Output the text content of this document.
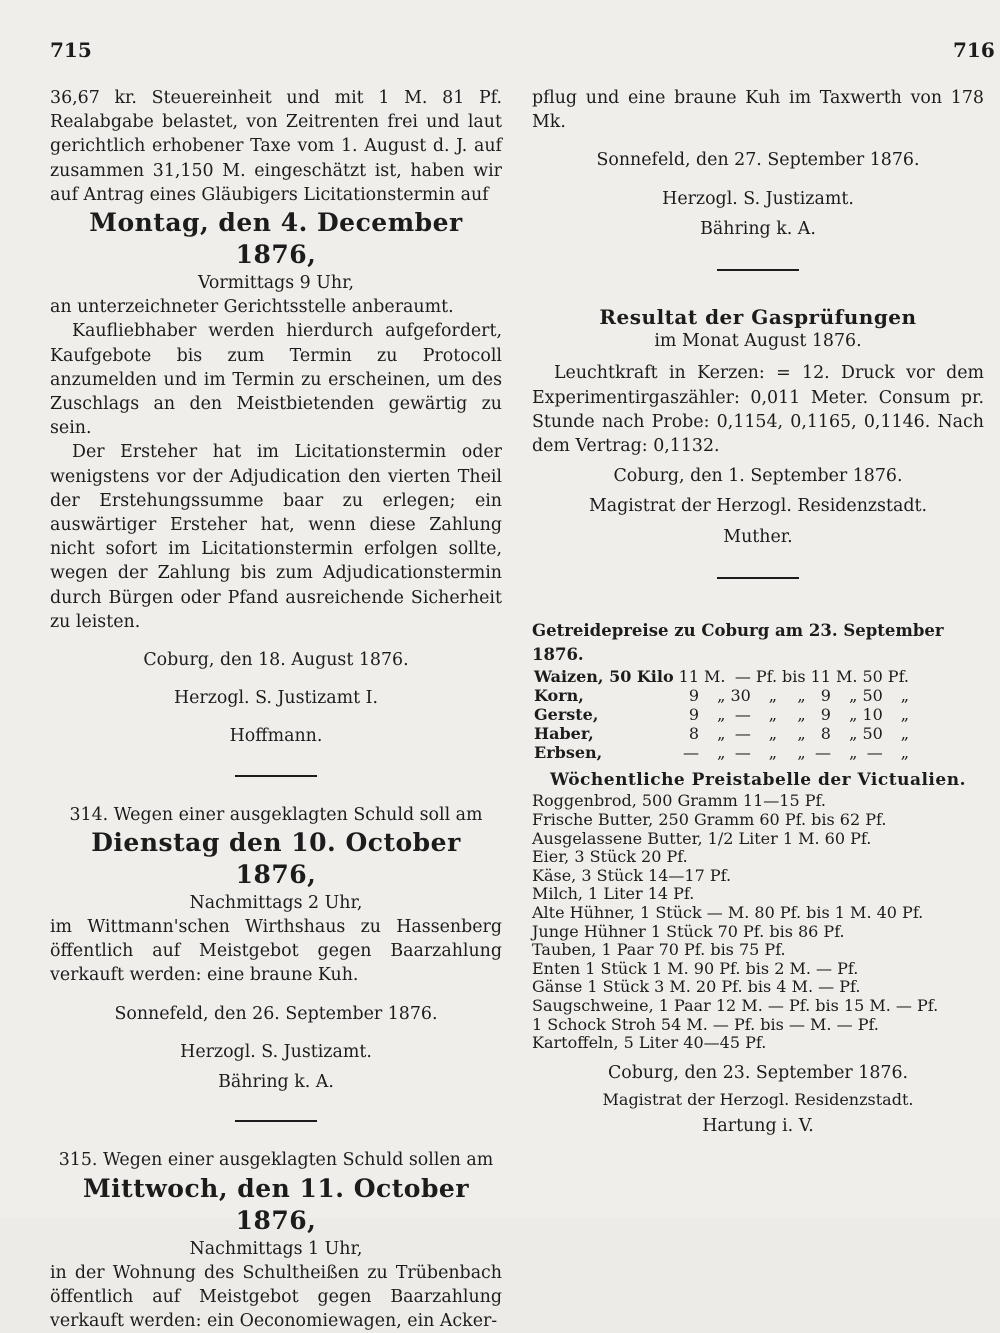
715	716
36,67 kr. Steuereinheit und mit 1 M. 81 Pf. Realabgabe belastet, von Zeitrenten frei und laut gerichtlich erhobener Taxe vom 1. August d. J. auf zusammen 31,150 M. eingeschätzt ist, haben wir auf Antrag eines Gläubigers Licitationstermin auf
Montag, den 4. December 1876,
Vormittags 9 Uhr,
an unterzeichneter Gerichtsstelle anberaumt.
Kaufliebhaber werden hierdurch aufgefordert, Kaufgebote bis zum Termin zu Protocoll anzumelden und im Termin zu erscheinen, um des Zuschlags an den Meistbietenden gewärtig zu sein.
Der Ersteher hat im Licitationstermin oder wenigstens vor der Adjudication den vierten Theil der Erstehungssumme baar zu erlegen; ein auswärtiger Ersteher hat, wenn diese Zahlung nicht sofort im Licitationstermin erfolgen sollte, wegen der Zahlung bis zum Adjudicationstermin durch Bürgen oder Pfand ausreichende Sicherheit zu leisten.
Coburg, den 18. August 1876.
Herzogl. S. Justizamt I.
Hoffmann.
314. Wegen einer ausgeklagten Schuld soll am
Dienstag den 10. October 1876,
Nachmittags 2 Uhr,
im Wittmann'schen Wirthshaus zu Hassenberg öffentlich auf Meistgebot gegen Baarzahlung verkauft werden: eine braune Kuh.
Sonnefeld, den 26. September 1876.
Herzogl. S. Justizamt.
Bähring k. A.
315. Wegen einer ausgeklagten Schuld sollen am
Mittwoch, den 11. October 1876,
Nachmittags 1 Uhr,
in der Wohnung des Schultheißen zu Trübenbach öffentlich auf Meistgebot gegen Baarzahlung verkauft werden: ein Oeconomiewagen, ein Acker-
pflug und eine braune Kuh im Taxwerth von 178 Mk.
Sonnefeld, den 27. September 1876.
Herzogl. S. Justizamt.
Bähring k. A.
Resultat der Gasprüfungen
im Monat August 1876.
Leuchtkraft in Kerzen: = 12. Druck vor dem Experimentirgaszähler: 0,011 Meter. Consum pr. Stunde nach Probe: 0,1154, 0,1165, 0,1146. Nach dem Vertrag: 0,1132.
Coburg, den 1. September 1876.
Magistrat der Herzogl. Residenzstadt.
Muther.
Getreidepreise zu Coburg am 23. September 1876.
Waizen, 50 Kilo	11	M.	—	Pf.	bis	11	M.	50	Pf.
Korn,	9	„	30	„	„	9	„	50	„
Gerste,	9	„	—	„	„	9	„	10	„
Haber,	8	„	—	„	„	8	„	50	„
Erbsen,	—	„	—	„	„	—	„	—	„
Wöchentliche Preistabelle der Victualien.
Roggenbrod, 500 Gramm 11—15 Pf.
Frische Butter, 250 Gramm 60 Pf. bis 62 Pf.
Ausgelassene Butter, 1/2 Liter 1 M. 60 Pf.
Eier, 3 Stück 20 Pf.
Käse, 3 Stück 14—17 Pf.
Milch, 1 Liter 14 Pf.
Alte Hühner, 1 Stück — M. 80 Pf. bis 1 M. 40 Pf.
Junge Hühner 1 Stück 70 Pf. bis 86 Pf.
Tauben, 1 Paar 70 Pf. bis 75 Pf.
Enten 1 Stück 1 M. 90 Pf. bis 2 M. — Pf.
Gänse 1 Stück 3 M. 20 Pf. bis 4 M. — Pf.
Saugschweine, 1 Paar 12 M. — Pf. bis 15 M. — Pf.
1 Schock Stroh 54 M. — Pf. bis — M. — Pf.
Kartoffeln, 5 Liter 40—45 Pf.
Coburg, den 23. September 1876.
Magistrat der Herzogl. Residenzstadt.
Hartung i. V.
